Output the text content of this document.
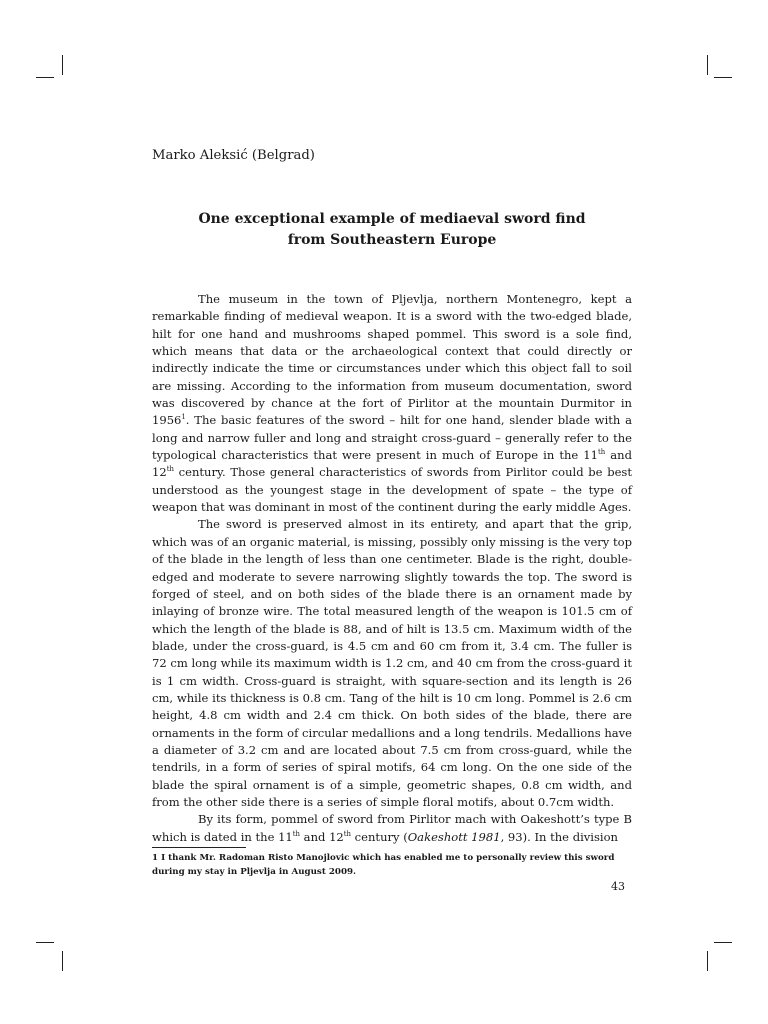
Marko Aleksić (Belgrad)
One exceptional example of mediaeval sword find
from Southeastern Europe

The museum in the town of Pljevlja, northern Montenegro, kept a remarkable finding of medieval weapon. It is a sword with the two-edged blade, hilt for one hand and mushrooms shaped pommel. This sword is a sole find, which means that data or the archaeological context that could directly or indirectly indicate the time or circumstances under which this object fall to soil are missing. According to the information from museum documentation, sword was discovered by chance at the fort of Pirlitor at the mountain Durmitor in 1956$^1$. The basic features of the sword – hilt for one hand, slender blade with a long and narrow fuller and long and straight cross-guard – generally refer to the typological characteristics that were present in much of Europe in the 11th and 12th century. Those general characteristics of swords from Pirlitor could be best understood as the youngest stage in the development of spate – the type of weapon that was dominant in most of the continent during the early middle Ages.

The sword is preserved almost in its entirety, and apart that the grip, which was of an organic material, is missing, possibly only missing is the very top of the blade in the length of less than one centimeter. Blade is the right, double-edged and moderate to severe narrowing slightly towards the top. The sword is forged of steel, and on both sides of the blade there is an ornament made by inlaying of bronze wire. The total measured length of the weapon is 101.5 cm of which the length of the blade is 88, and of hilt is 13.5 cm. Maximum width of the blade, under the cross-guard, is 4.5 cm and 60 cm from it, 3.4 cm. The fuller is 72 cm long while its maximum width is 1.2 cm, and 40 cm from the cross-guard it is 1 cm width. Cross-guard is straight, with square-section and its length is 26 cm, while its thickness is 0.8 cm. Tang of the hilt is 10 cm long. Pommel is 2.6 cm height, 4.8 cm width and 2.4 cm thick. On both sides of the blade, there are ornaments in the form of circular medallions and a long tendrils. Medallions have a diameter of 3.2 cm and are located about 7.5 cm from cross-guard, while the tendrils, in a form of series of spiral motifs, 64 cm long. On the one side of the blade the spiral ornament is of a simple, geometric shapes, 0.8 cm width, and from the other side there is a series of simple floral motifs, about 0.7cm width.

By its form, pommel of sword from Pirlitor mach with Oakeshott’s type B which is dated in the 11th and 12th century (Oakeshott 1981, 93). In the division

1 I thank Mr. Radoman Risto Manojlovic which has enabled me to personally review this sword during my stay in Pljevlja in August 2009.
43
